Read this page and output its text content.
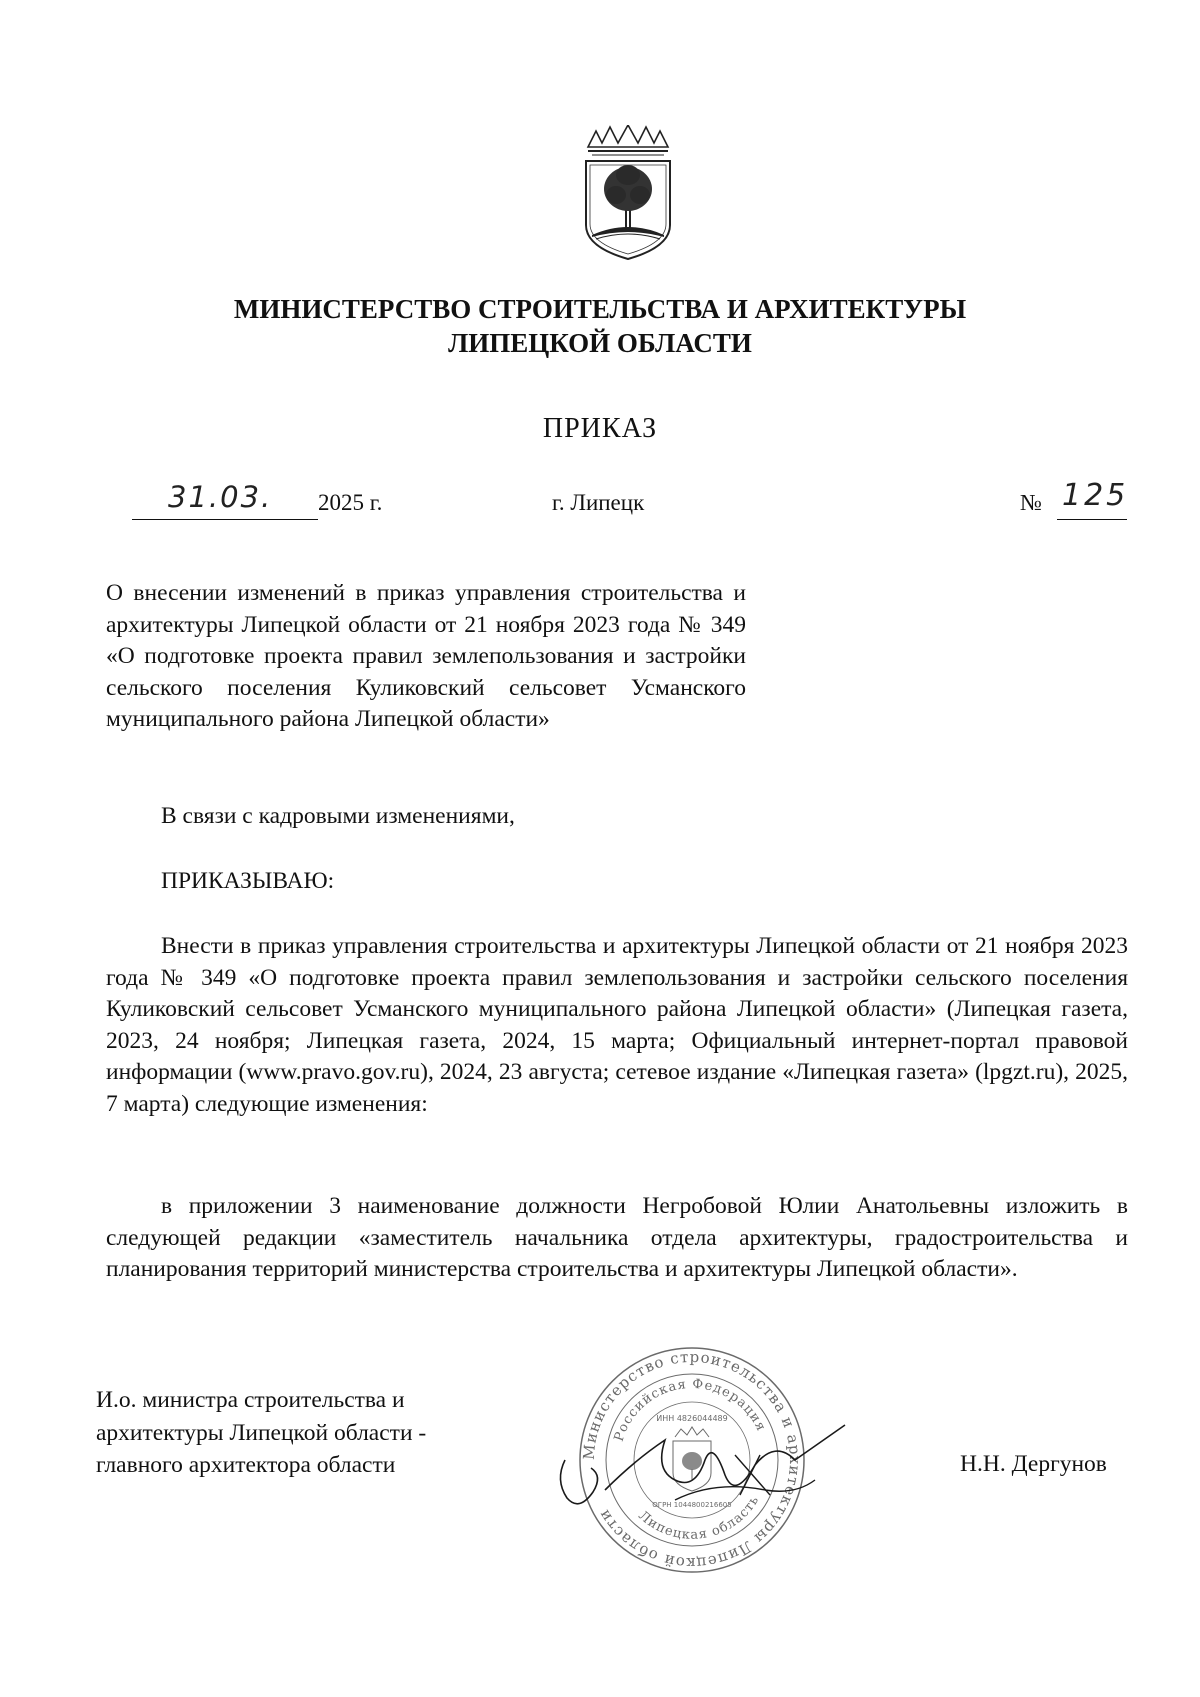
МИНИСТЕРСТВО СТРОИТЕЛЬСТВА И АРХИТЕКТУРЫ
ЛИПЕЦКОЙ ОБЛАСТИ
ПРИКАЗ
31.03. 2025 г.	г. Липецк	№ 125
О внесении изменений в приказ управления строительства и архитектуры Липецкой области от 21 ноября 2023 года № 349 «О подготовке проекта правил землепользования и застройки сельского поселения Куликовский сельсовет Усманского муниципального района Липецкой области»
В связи с кадровыми изменениями,
ПРИКАЗЫВАЮ:
Внести в приказ управления строительства и архитектуры Липецкой области от 21 ноября 2023 года № 349 «О подготовке проекта правил землепользования и застройки сельского поселения Куликовский сельсовет Усманского муниципального района Липецкой области» (Липецкая газета, 2023, 24 ноября; Липецкая газета, 2024, 15 марта; Официальный интернет-портал правовой информации (www.pravo.gov.ru), 2024, 23 августа; сетевое издание «Липецкая газета» (lpgzt.ru), 2025, 7 марта) следующие изменения:
в приложении 3 наименование должности Негробовой Юлии Анатольевны изложить в следующей редакции «заместитель начальника отдела архитектуры, градостроительства и планирования территорий министерства строительства и архитектуры Липецкой области».
И.о. министра строительства и
архитектуры Липецкой области -
главного архитектора области
Министерство строительства и архитектуры Липецкой области
Российская Федерация
Липецкая область
ИНН 4826044489
ОГРН 1044800216605
Н.Н. Дергунов
